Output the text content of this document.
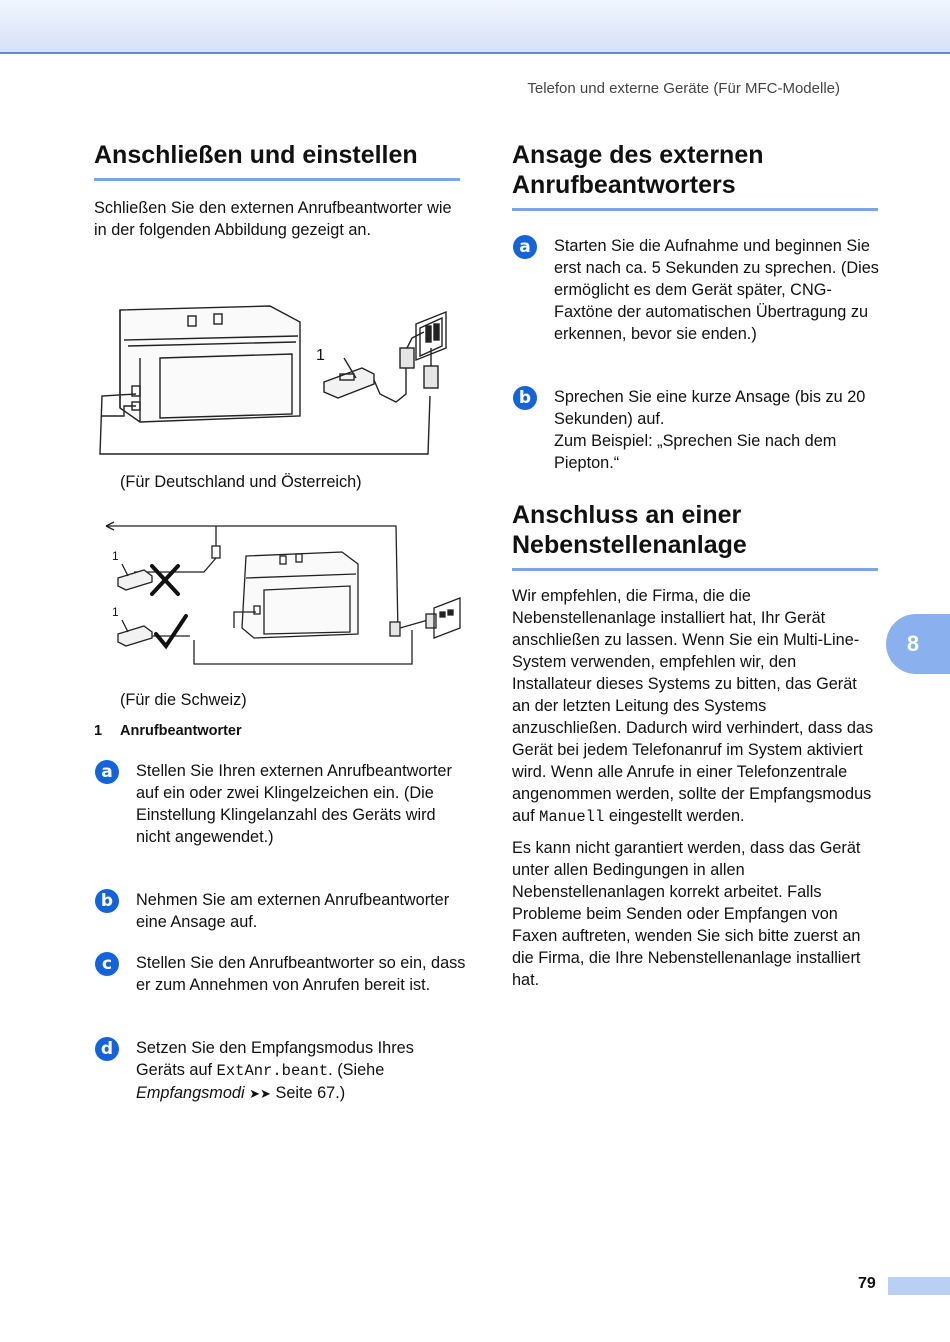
Telefon und externe Geräte (Für MFC-Modelle)
Anschließen und einstellen

Schließen Sie den externen Anrufbeantworter wie in der folgenden Abbildung gezeigt an.

1
(Für Deutschland und Österreich)
1
1
(Für die Schweiz)
1 Anrufbeantworter
a	Stellen Sie Ihren externen Anrufbeantworter auf ein oder zwei Klingelzeichen ein. (Die Einstellung Klingelanzahl des Geräts wird nicht angewendet.)
b	Nehmen Sie am externen Anrufbeantworter eine Ansage auf.
c	Stellen Sie den Anrufbeantworter so ein, dass er zum Annehmen von Anrufen bereit ist.
d	Setzen Sie den Empfangsmodus Ihres Geräts auf ExtAnr.beant. (Siehe Empfangsmodi ➤➤ Seite 67.)
Ansage des externen Anrufbeantworters
a	Starten Sie die Aufnahme und beginnen Sie erst nach ca. 5 Sekunden zu sprechen. (Dies ermöglicht es dem Gerät später, CNG-Faxtöne der automatischen Übertragung zu erkennen, bevor sie enden.)
b	Sprechen Sie eine kurze Ansage (bis zu 20 Sekunden) auf.
Zum Beispiel: „Sprechen Sie nach dem Piepton.“
Anschluss an einer Nebenstellenanlage

Wir empfehlen, die Firma, die die Nebenstellenanlage installiert hat, Ihr Gerät anschließen zu lassen. Wenn Sie ein Multi-Line-System verwenden, empfehlen wir, den Installateur dieses Systems zu bitten, das Gerät an der letzten Leitung des Systems anzuschließen. Dadurch wird verhindert, dass das Gerät bei jedem Telefonanruf im System aktiviert wird. Wenn alle Anrufe in einer Telefonzentrale angenommen werden, sollte der Empfangsmodus auf Manuell eingestellt werden.

Es kann nicht garantiert werden, dass das Gerät unter allen Bedingungen in allen Nebenstellenanlagen korrekt arbeitet. Falls Probleme beim Senden oder Empfangen von Faxen auftreten, wenden Sie sich bitte zuerst an die Firma, die Ihre Nebenstellenanlage installiert hat.

8
79
